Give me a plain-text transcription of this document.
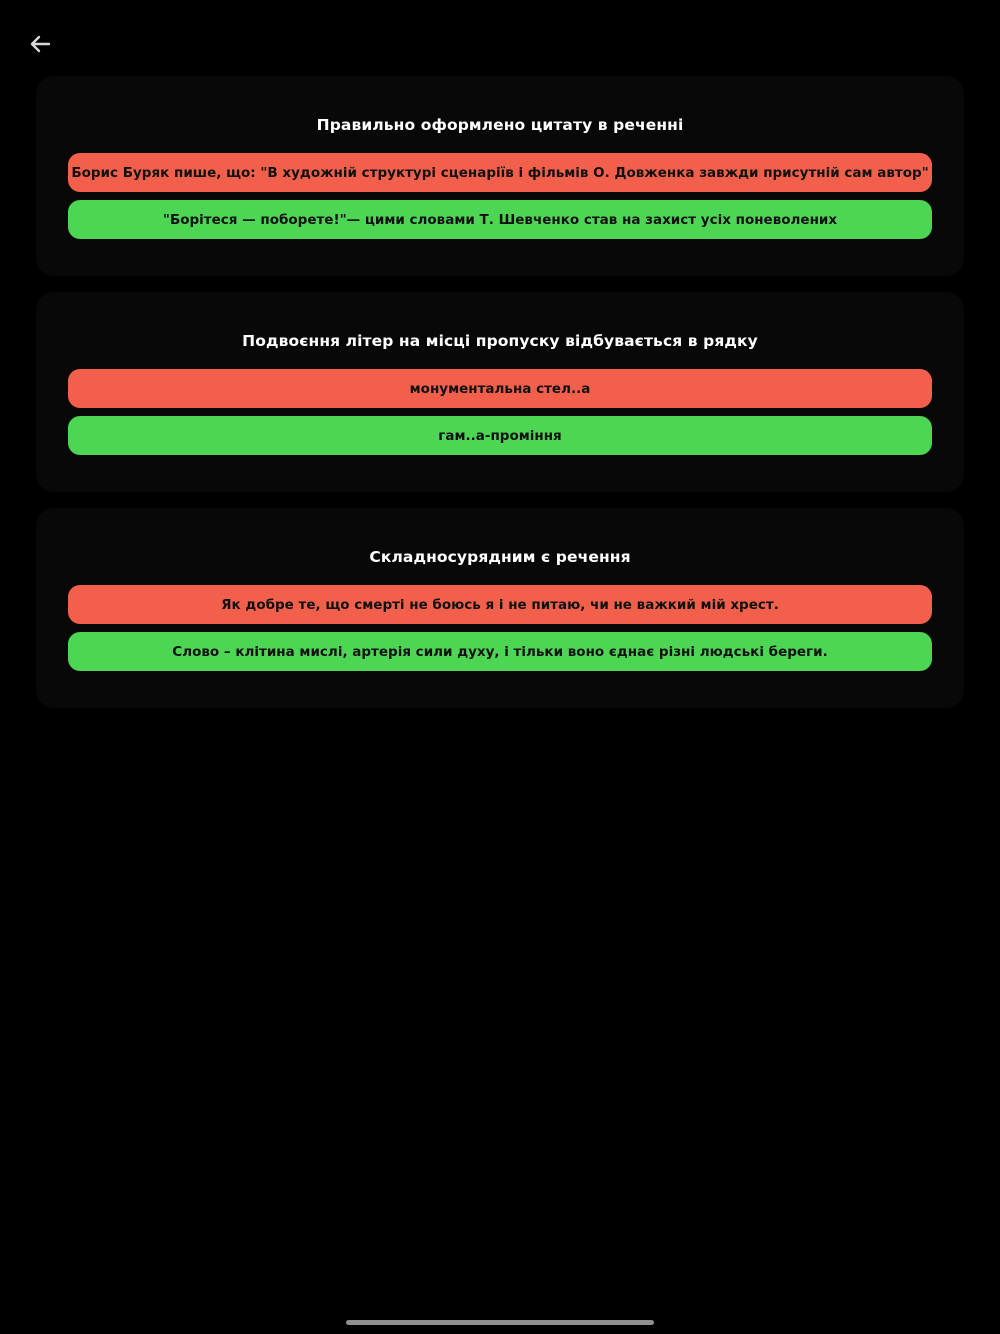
Правильно оформлено цитату в реченні
Борис Буряк пише, що: "В художній структурі сценаріїв і фільмів О. Довженка завжди присутній сам автор"
"Борітеся — поборете!"— цими словами Т. Шевченко став на захист усіх поневолених
Подвоєння літер на місці пропуску відбувається в рядку
монументальна стел..а
гам..а-проміння
Складносурядним є речення
Як добре те, що смерті не боюсь я і не питаю, чи не важкий мій хрест.
Слово – клітина мислі, артерія сили духу, і тільки воно єднає різні людські береги.
